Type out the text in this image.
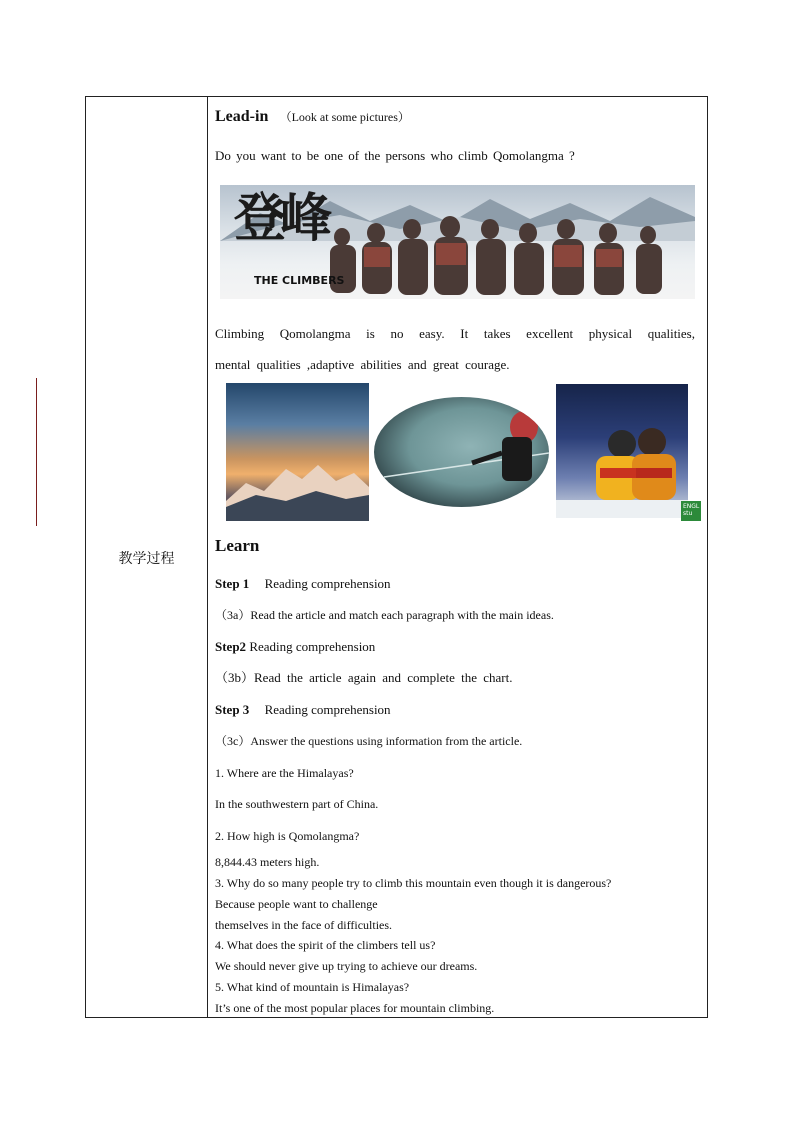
教学过程
Lead-in （Look at some pictures）
Do you want to be one of the persons who climb Qomolangma ?
登峰
THE CLIMBERS
Climbing Qomolangma is no easy. It takes excellent physical qualities,
mental qualities ,adaptive abilities and great courage.
ENGL stu
Learn
Step 1 Reading comprehension
（3a）Read the article and match each paragraph with the main ideas.
Step2 Reading comprehension
（3b）Read the article again and complete the chart.
Step 3 Reading comprehension
（3c）Answer the questions using information from the article.
1. Where are the Himalayas?
In the southwestern part of China.
2. How high is Qomolangma?
8,844.43 meters high.
3. Why do so many people try to climb this mountain even though it is dangerous?
Because people want to challenge
themselves in the face of difficulties.
4. What does the spirit of the climbers tell us?
We should never give up trying to achieve our dreams.
5. What kind of mountain is Himalayas?
It’s one of the most popular places for mountain climbing.
